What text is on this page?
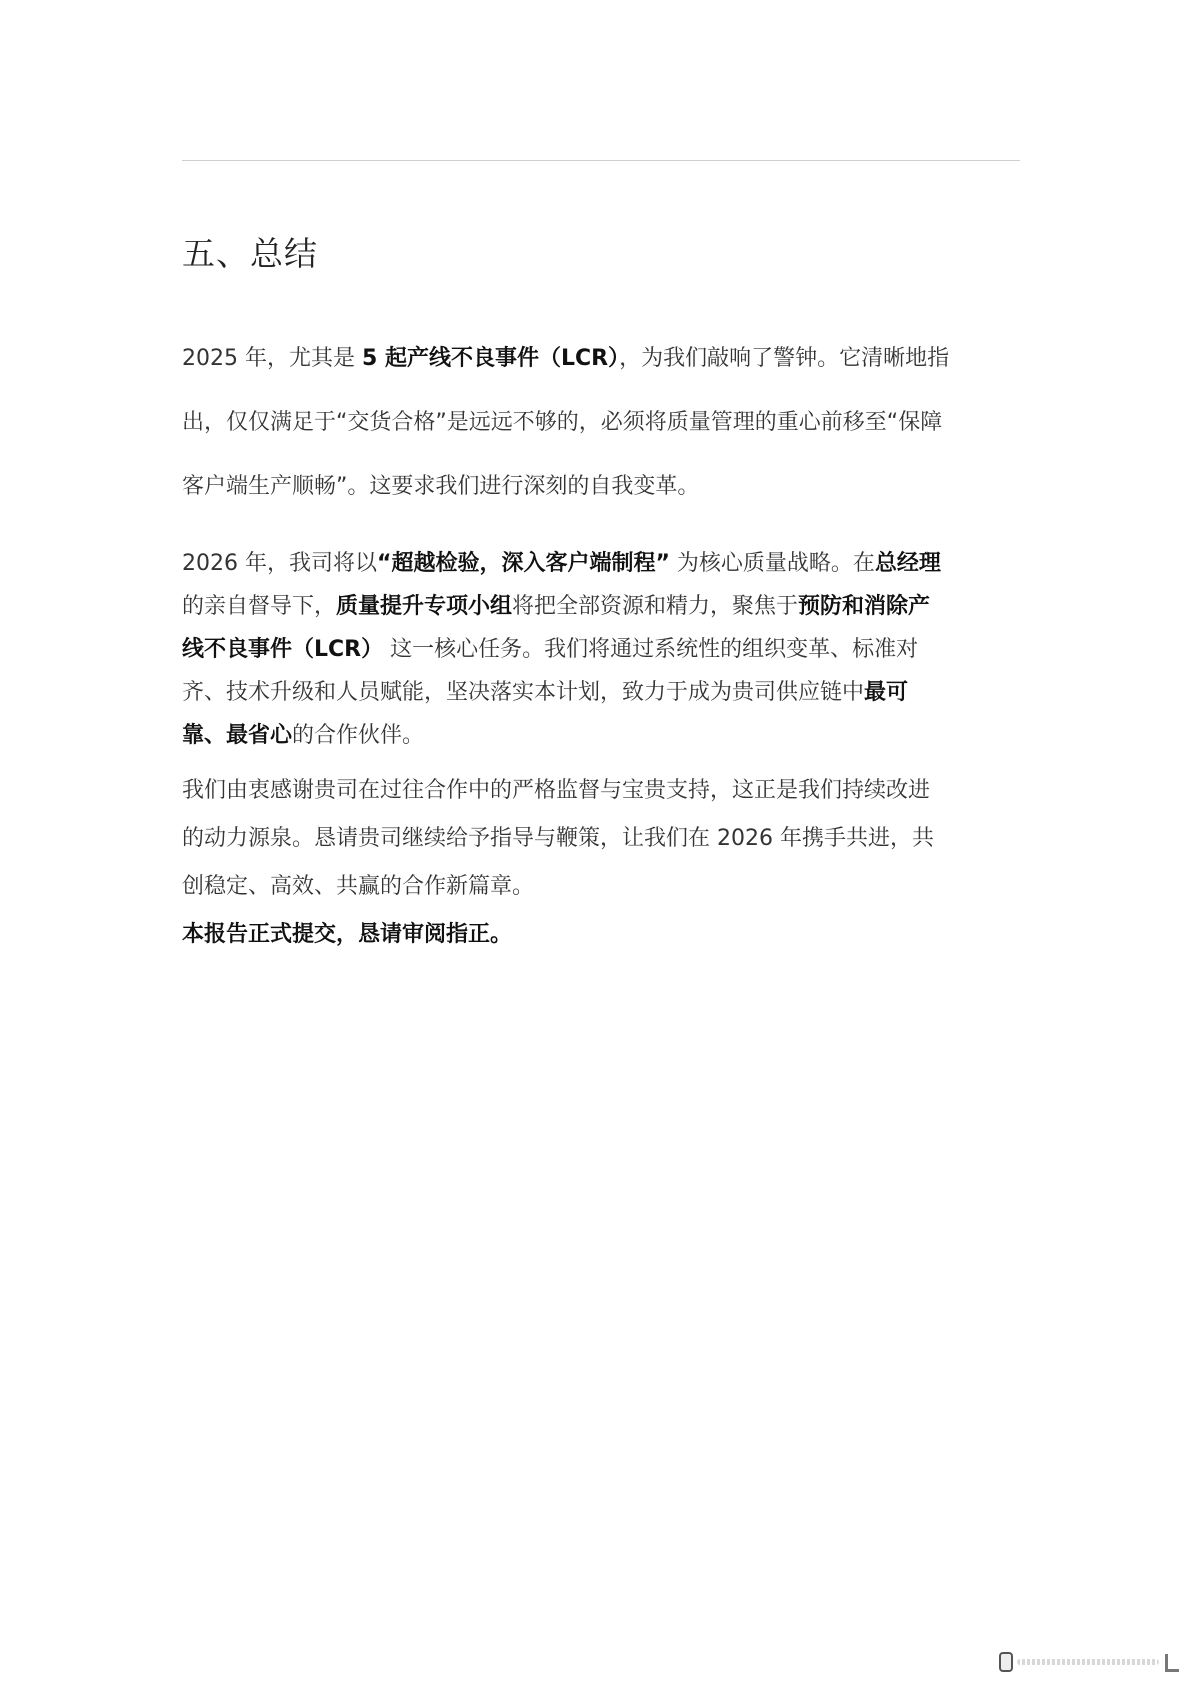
五、总结

2025 年，尤其是 5 起产线不良事件（LCR），为我们敲响了警钟。它清晰地指
出，仅仅满足于“交货合格”是远远不够的，必须将质量管理的重心前移至“保障
客户端生产顺畅”。这要求我们进行深刻的自我变革。

2026 年，我司将以“超越检验，深入客户端制程” 为核心质量战略。在总经理
的亲自督导下，质量提升专项小组将把全部资源和精力，聚焦于预防和消除产
线不良事件（LCR） 这一核心任务。我们将通过系统性的组织变革、标准对
齐、技术升级和人员赋能，坚决落实本计划，致力于成为贵司供应链中最可
靠、最省心的合作伙伴。

我们由衷感谢贵司在过往合作中的严格监督与宝贵支持，这正是我们持续改进
的动力源泉。恳请贵司继续给予指导与鞭策，让我们在 2026 年携手共进，共
创稳定、高效、共赢的合作新篇章。

本报告正式提交，恳请审阅指正。
